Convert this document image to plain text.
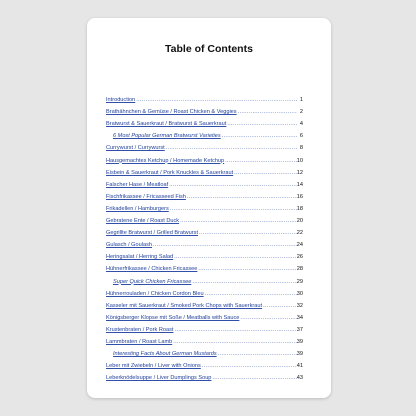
Table of Contents
Introduction .....	1
Brathähnchen & Gemüse / Roast Chicken & Veggies .....	2
Bratwurst & Sauerkraut / Bratwurst & Sauerkraut .....	4
6 Most Popular German Bratwurst Varieties .....	6
Currywurst / Currywurst .....	8
Hausgemachtes Ketchup / Homemade Ketchup .....	10
Eisbein & Sauerkraut / Pork Knuckles & Sauerkraut .....	12
Falscher Hase / Meatloaf .....	14
Fischfrikassee / Fricasseed Fish .....	16
Frikadellen / Hamburgers .....	18
Gebratene Ente / Roast Duck .....	20
Gegrillte Bratwurst / Grilled Bratwurst .....	22
Gulasch / Goulash .....	24
Heringsalat / Herring Salad .....	26
Hühnerfrikassee / Chicken Fricassee .....	28
Super Quick Chicken Fricassee .....	29
Hühnerrouladen / Chicken Cordon Bleu .....	30
Kasseler mit Sauerkraut / Smoked Pork Chops with Sauerkraut .....	32
Königsberger Klopse mit Soße / Meatballs with Sauce .....	34
Krustenbraten / Pork Roast .....	37
Lammbraten / Roast Lamb .....	39
Interesting Facts About German Mustards .....	39
Leber mit Zwiebeln / Liver with Onions .....	41
Leberknödelsuppe / Liver Dumplings Soup .....	43
